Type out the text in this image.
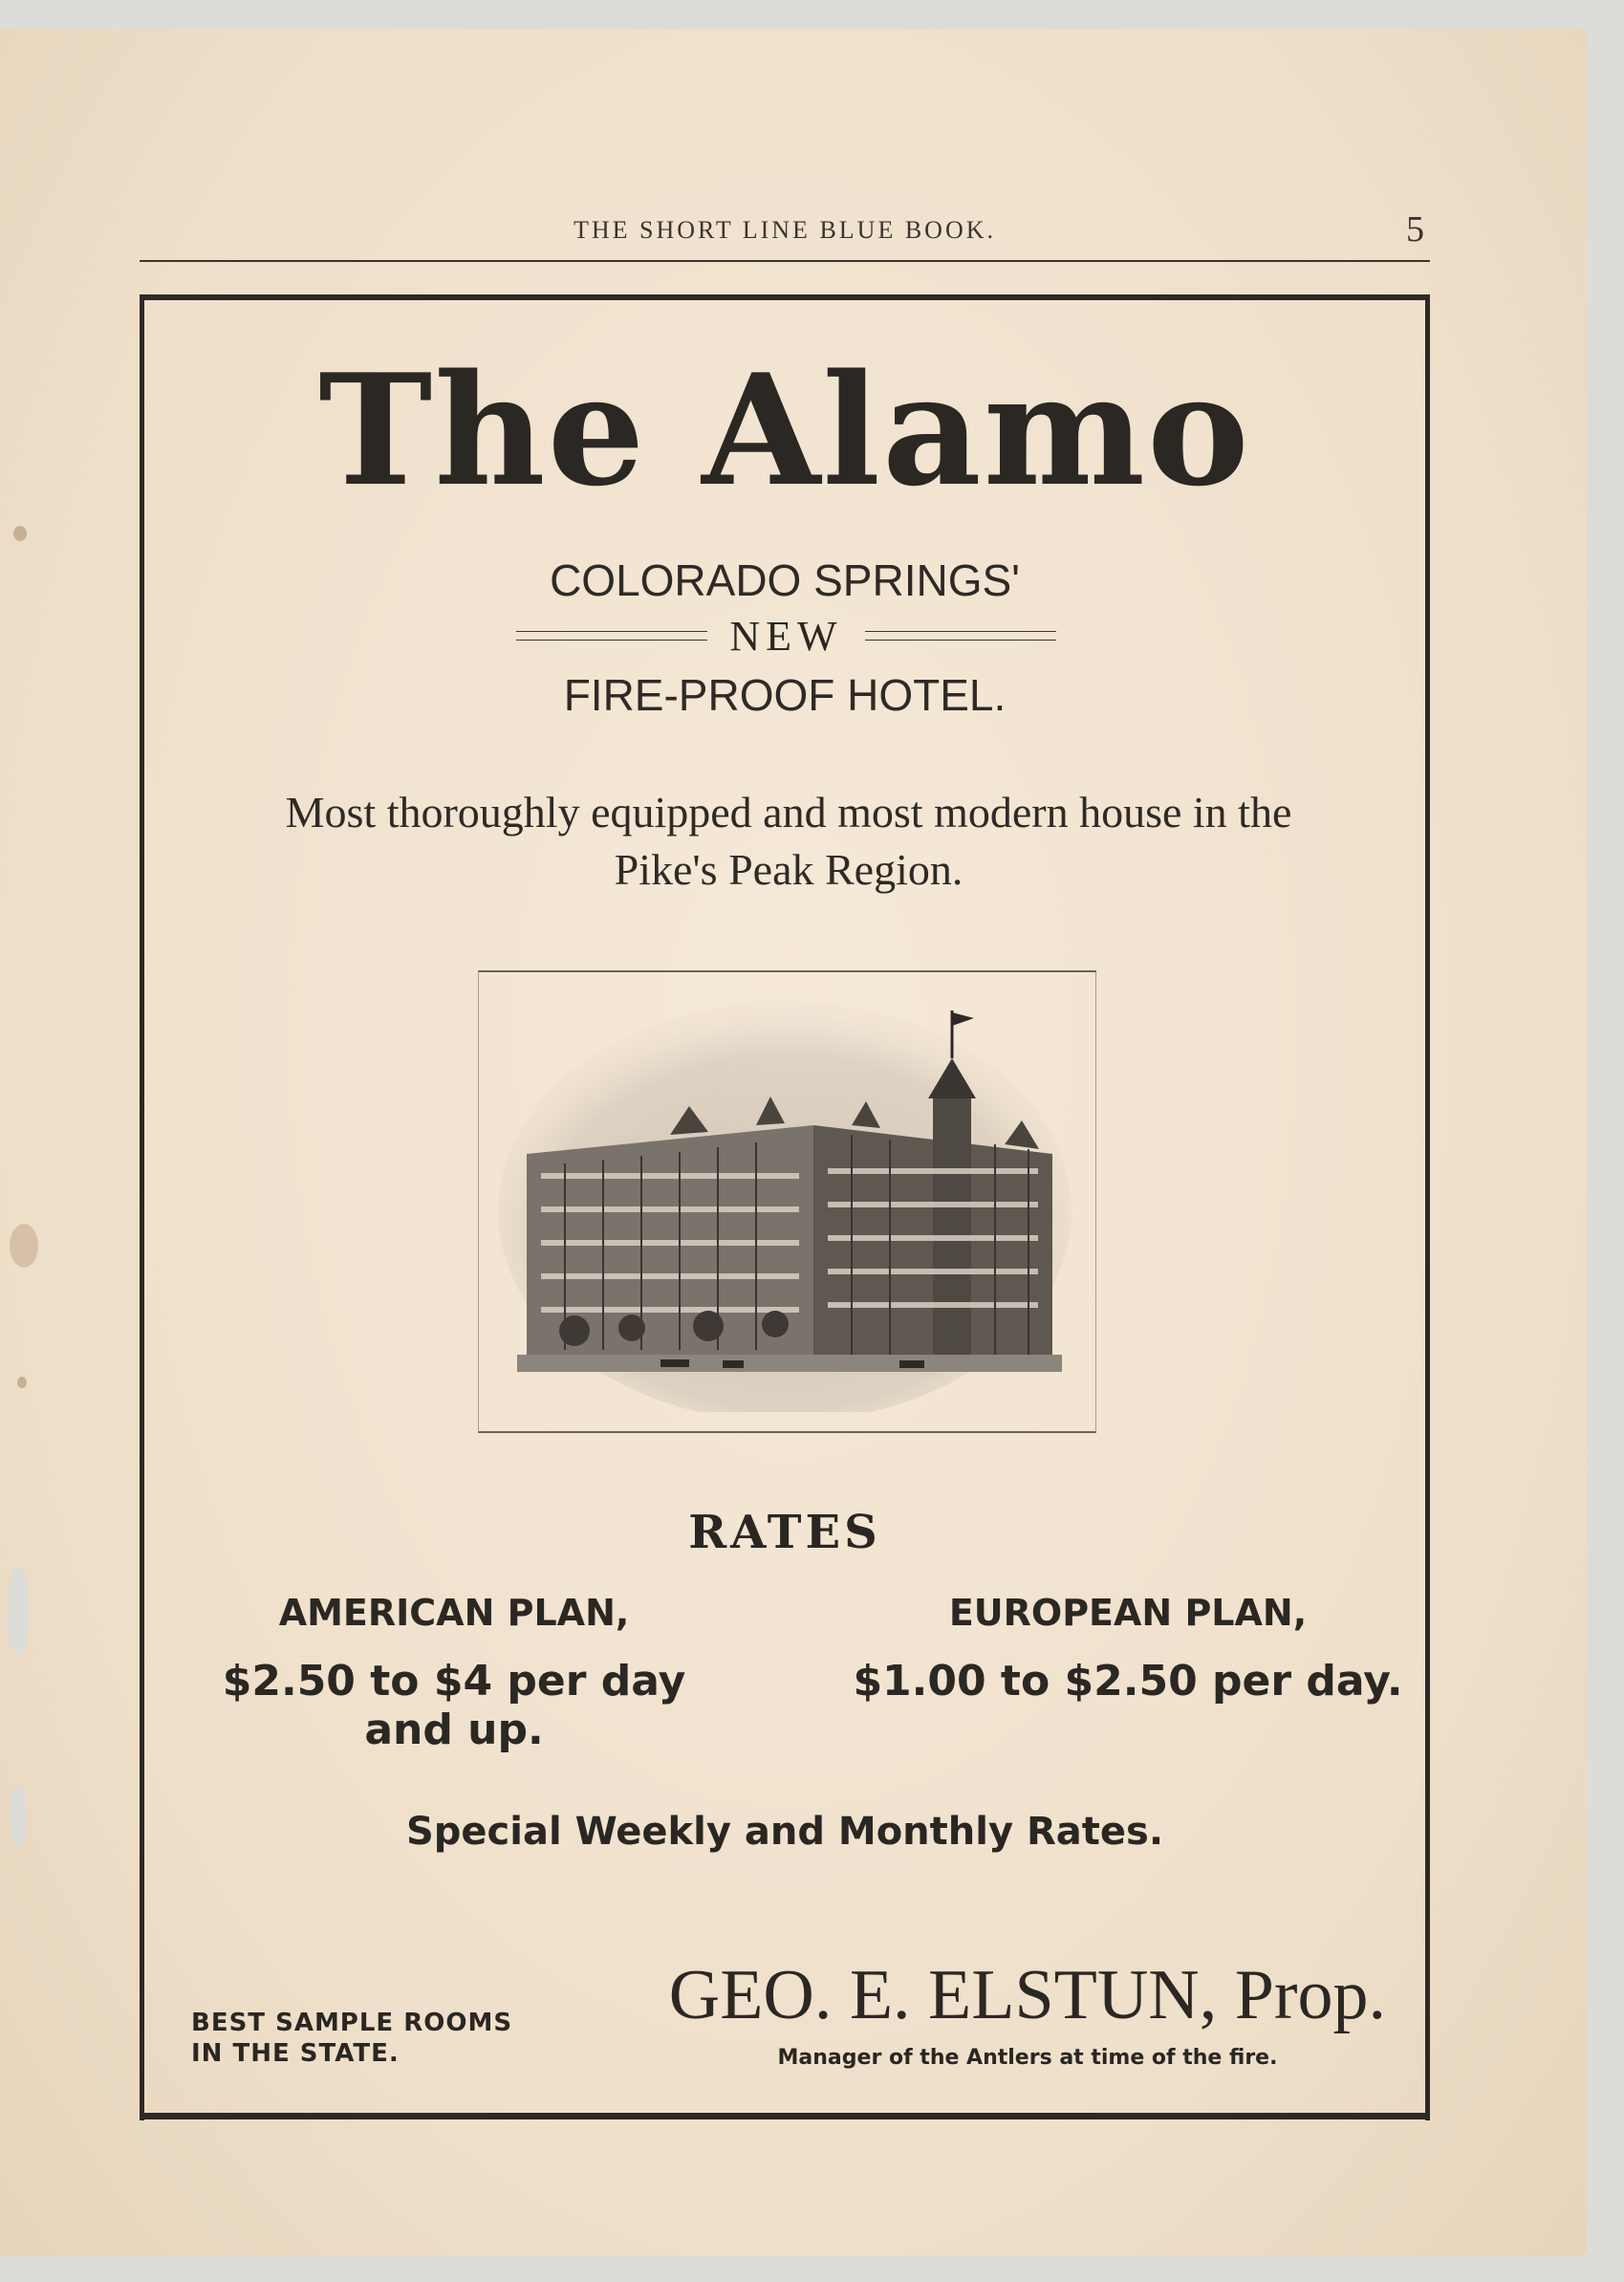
THE SHORT LINE BLUE BOOK.	5
The Alamo
COLORADO SPRINGS'
NEW
FIRE-PROOF HOTEL.
Most thoroughly equipped and most modern house in the
Pike's Peak Region.
RATES
AMERICAN PLAN,	EUROPEAN PLAN,
$2.50 to $4 per day and up.
$1.00 to $2.50 per day.
Special Weekly and Monthly Rates.
BEST SAMPLE ROOMS
IN THE STATE.
GEO. E. ELSTUN, Prop.
Manager of the Antlers at time of the fire.
